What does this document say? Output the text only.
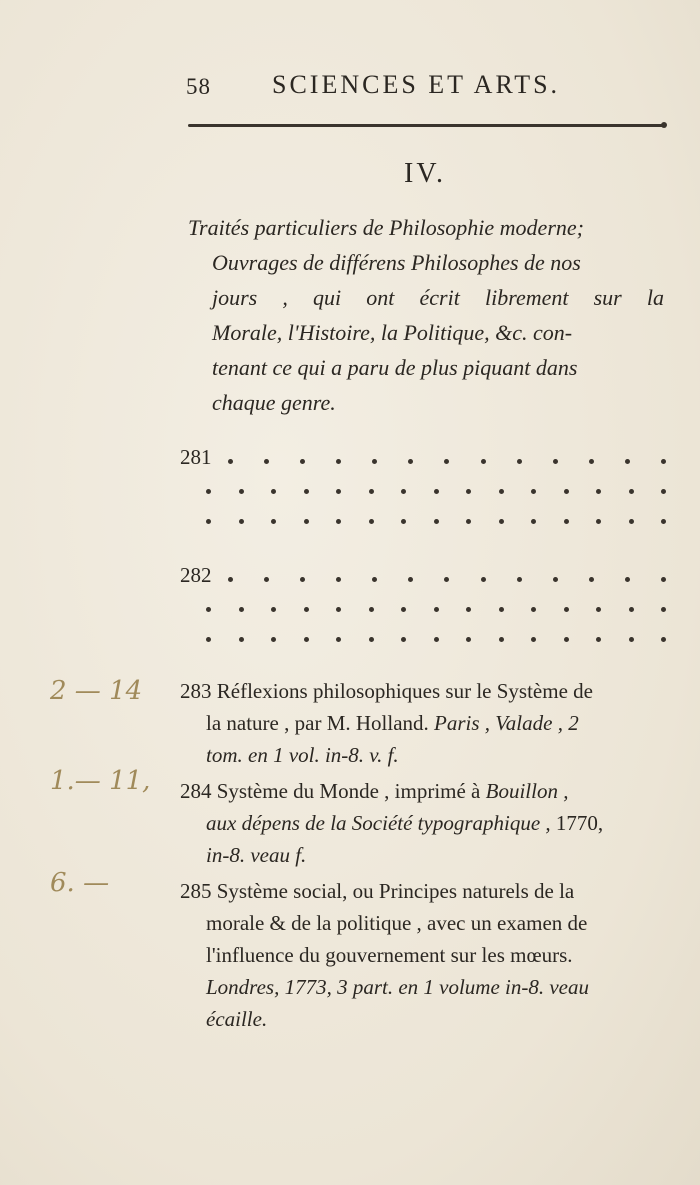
58 SCIENCES ET ARTS.
IV.
Traités particuliers de Philosophie moderne;
Ouvrages de différens Philosophes de nos
jours , qui ont écrit librement sur la
Morale, l'Histoire, la Politique, &c. con-
tenant ce qui a paru de plus piquant dans
chaque genre.
281
282
2 — 14
1.— 11,
6. —
283 Réflexions philosophiques sur le Système de
la nature , par M. Holland. Paris , Valade , 2
tom. en 1 vol. in-8. v. f.
284 Système du Monde , imprimé à Bouillon ,
aux dépens de la Société typographique , 1770,
in-8. veau f.
285 Système social, ou Principes naturels de la
morale & de la politique , avec un examen de
l'influence du gouvernement sur les mœurs.
Londres, 1773, 3 part. en 1 volume in-8. veau
écaille.
